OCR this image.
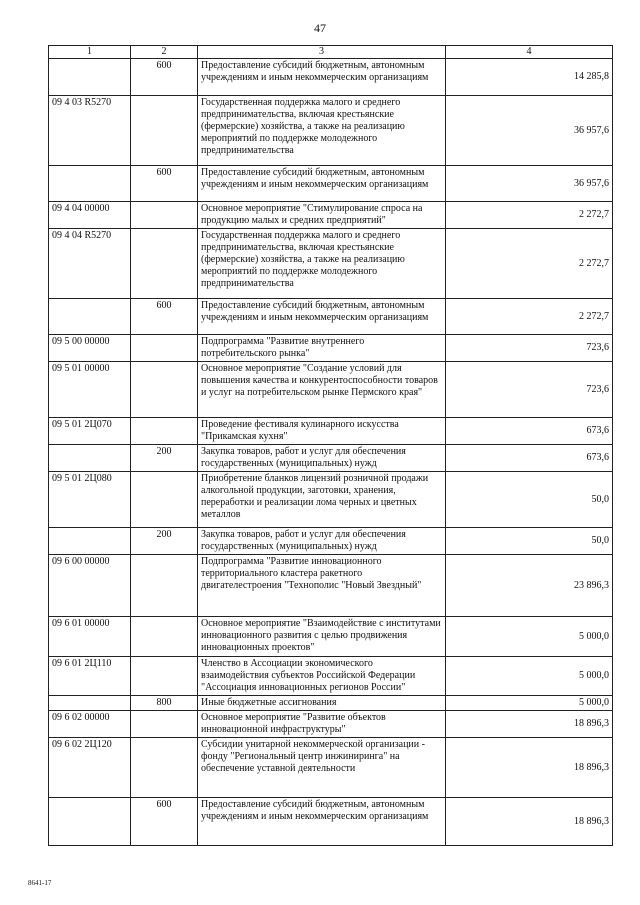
47
1	2	3	4
	600	Предоставление субсидий бюджетным, автономным учреждениям и иным некоммерческим организациям	14 285,8
09 4 03 R5270		Государственная поддержка малого и среднего предпринимательства, включая крестьянские (фермерские) хозяйства, а также на реализацию мероприятий по поддержке молодежного предпринимательства	36 957,6
	600	Предоставление субсидий бюджетным, автономным учреждениям и иным некоммерческим организациям	36 957,6
09 4 04 00000		Основное мероприятие "Стимулирование спроса на продукцию малых и средних предприятий"	2 272,7
09 4 04 R5270		Государственная поддержка малого и среднего предпринимательства, включая крестьянские (фермерские) хозяйства, а также на реализацию мероприятий по поддержке молодежного предпринимательства	2 272,7
	600	Предоставление субсидий бюджетным, автономным учреждениям и иным некоммерческим организациям	2 272,7
09 5 00 00000		Подпрограмма "Развитие внутреннего потребительского рынка"	723,6
09 5 01 00000		Основное мероприятие "Создание условий для повышения качества и конкурентоспособности товаров и услуг на потребительском рынке Пермского края"	723,6
09 5 01 2Ц070		Проведение фестиваля кулинарного искусства "Прикамская кухня"	673,6
	200	Закупка товаров, работ и услуг для обеспечения государственных (муниципальных) нужд	673,6
09 5 01 2Ц080		Приобретение бланков лицензий розничной продажи алкогольной продукции, заготовки, хранения, переработки и реализации лома черных и цветных металлов	50,0
	200	Закупка товаров, работ и услуг для обеспечения государственных (муниципальных) нужд	50,0
09 6 00 00000		Подпрограмма "Развитие инновационного территориального кластера ракетного двигателестроения "Технополис "Новый Звездный"	23 896,3
09 6 01 00000		Основное мероприятие "Взаимодействие с институтами инновационного развития с целью продвижения инновационных проектов"	5 000,0
09 6 01 2Ц110		Членство в Ассоциации экономического взаимодействия субъектов Российской Федерации "Ассоциация инновационных регионов России"	5 000,0
	800	Иные бюджетные ассигнования	5 000,0
09 6 02 00000		Основное мероприятие "Развитие объектов инновационной инфраструктуры"	18 896,3
09 6 02 2Ц120		Субсидии унитарной некоммерческой организации - фонду "Региональный центр инжиниринга" на обеспечение уставной деятельности	18 896,3
	600	Предоставление субсидий бюджетным, автономным учреждениям и иным некоммерческим организациям	18 896,3
8641-17
